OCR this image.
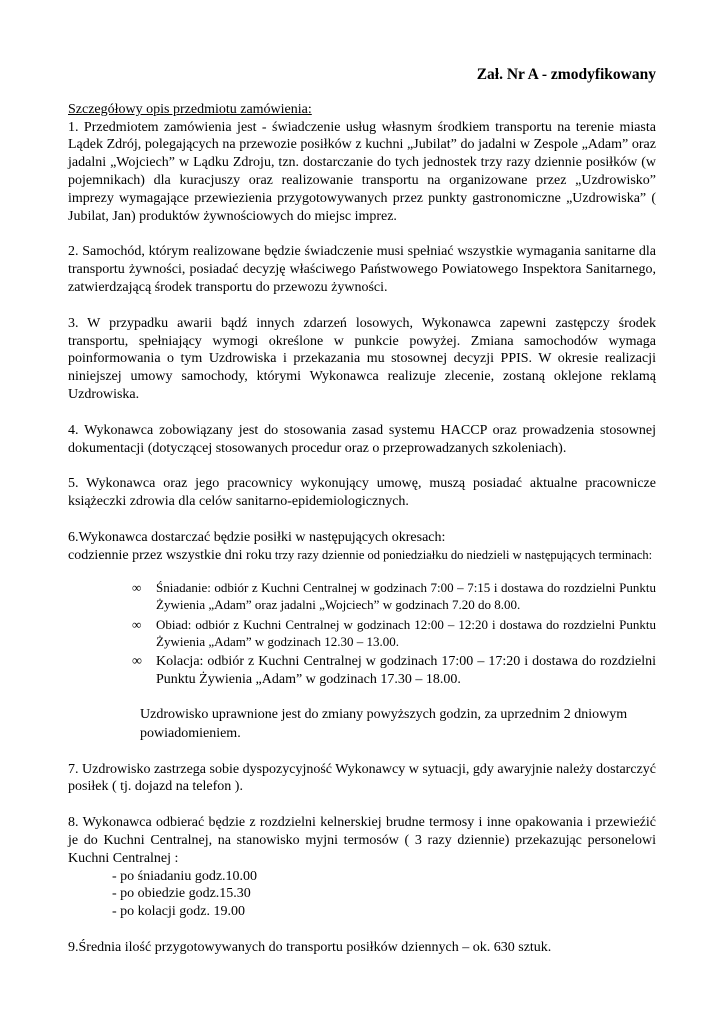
Zał. Nr A - zmodyfikowany

Szczegółowy opis przedmiotu zamówienia:

1. Przedmiotem zamówienia jest - świadczenie usług własnym środkiem transportu na terenie miasta Lądek Zdrój, polegających na przewozie posiłków z kuchni „Jubilat” do jadalni w Zespole „Adam” oraz jadalni „Wojciech” w Lądku Zdroju, tzn. dostarczanie do tych jednostek trzy razy dziennie posiłków (w pojemnikach) dla kuracjuszy oraz realizowanie transportu na organizowane przez „Uzdrowisko” imprezy wymagające przewiezienia przygotowywanych przez punkty gastronomiczne „Uzdrowiska” ( Jubilat, Jan) produktów żywnościowych do miejsc imprez.

2. Samochód, którym realizowane będzie świadczenie musi spełniać wszystkie wymagania sanitarne dla transportu żywności, posiadać decyzję właściwego Państwowego Powiatowego Inspektora Sanitarnego, zatwierdzającą środek transportu do przewozu żywności.
3. W przypadku awarii bądź innych zdarzeń losowych, Wykonawca zapewni zastępczy środek transportu, spełniający wymogi określone w punkcie powyżej. Zmiana samochodów wymaga poinformowania o tym Uzdrowiska i przekazania mu stosownej decyzji PPIS. W okresie realizacji niniejszej umowy samochody, którymi Wykonawca realizuje zlecenie, zostaną oklejone reklamą Uzdrowiska.
4. Wykonawca zobowiązany jest do stosowania zasad systemu HACCP oraz prowadzenia stosownej dokumentacji (dotyczącej stosowanych procedur oraz o przeprowadzanych szkoleniach).
5. Wykonawca oraz jego pracownicy wykonujący umowę, muszą posiadać aktualne pracownicze książeczki zdrowia dla celów sanitarno-epidemiologicznych.

6.Wykonawca dostarczać będzie posiłki w następujących okresach:

codziennie przez wszystkie dni roku trzy razy dziennie od poniedziałku do niedzieli w następujących terminach:

∞ Śniadanie: odbiór z Kuchni Centralnej w godzinach 7:00 – 7:15 i dostawa do rozdzielni Punktu Żywienia „Adam” oraz jadalni „Wojciech” w godzinach 7.20 do 8.00.
∞ Obiad: odbiór z Kuchni Centralnej w godzinach 12:00 – 12:20 i dostawa do rozdzielni Punktu Żywienia „Adam” w godzinach 12.30 – 13.00.
∞ Kolacja: odbiór z Kuchni Centralnej w godzinach 17:00 – 17:20 i dostawa do rozdzielni Punktu Żywienia „Adam” w godzinach 17.30 – 18.00.
Uzdrowisko uprawnione jest do zmiany powyższych godzin, za uprzednim 2 dniowym powiadomieniem.
7. Uzdrowisko zastrzega sobie dyspozycyjność Wykonawcy w sytuacji, gdy awaryjnie należy dostarczyć posiłek ( tj. dojazd na telefon ).

8. Wykonawca odbierać będzie z rozdzielni kelnerskiej brudne termosy i inne opakowania i przewieźić je do Kuchni Centralnej, na stanowisko myjni termosów ( 3 razy dziennie) przekazując personelowi Kuchni Centralnej :

- po śniadaniu godz.10.00
- po obiedzie godz.15.30
- po kolacji godz. 19.00
9.Średnia ilość przygotowywanych do transportu posiłków dziennych – ok. 630 sztuk.
